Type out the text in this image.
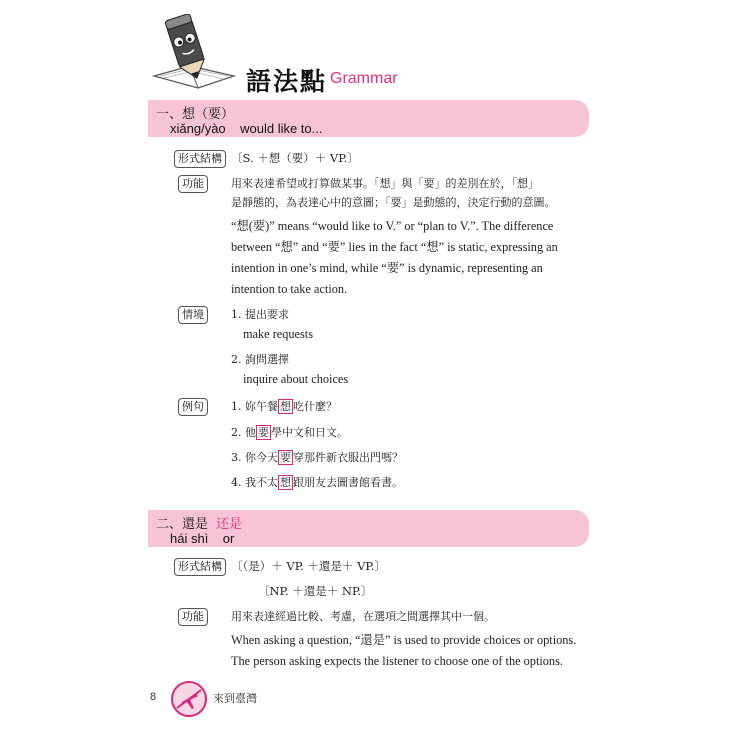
語法點 Grammar
一、想（要）
xiǎng/yào would like to...
形式結構 〔S. ＋想（要）＋ VP.〕
功能	用來表達希望或打算做某事。「想」與「要」的差別在於，「想」
是靜態的，為表達心中的意圖；「要」是動態的，決定行動的意圖。
“想(要)” means “would like to V.” or “plan to V.”. The difference between “想” and “要” lies in the fact “想” is static, expressing an intention in one’s mind, while “要” is dynamic, representing an intention to take action.
情境	1. 提出要求
make requests
2. 詢問選擇
inquire about choices
例句	1. 妳午餐 想 吃什麼？
2. 他 要 學中文和日文。
3. 你今天 要 穿那件新衣服出門嗎？
4. 我不太 想 跟朋友去圖書館看書。
二、還是 还是
hái shì or
形式結構 〔（是）＋ VP. ＋還是＋ VP.〕
〔NP. ＋還是＋ NP.〕
功能	用來表達經過比較、考慮，在選項之間選擇其中一個。
When asking a question, “還是” is used to provide choices or options. The person asking expects the listener to choose one of the options.
8	來到臺灣
